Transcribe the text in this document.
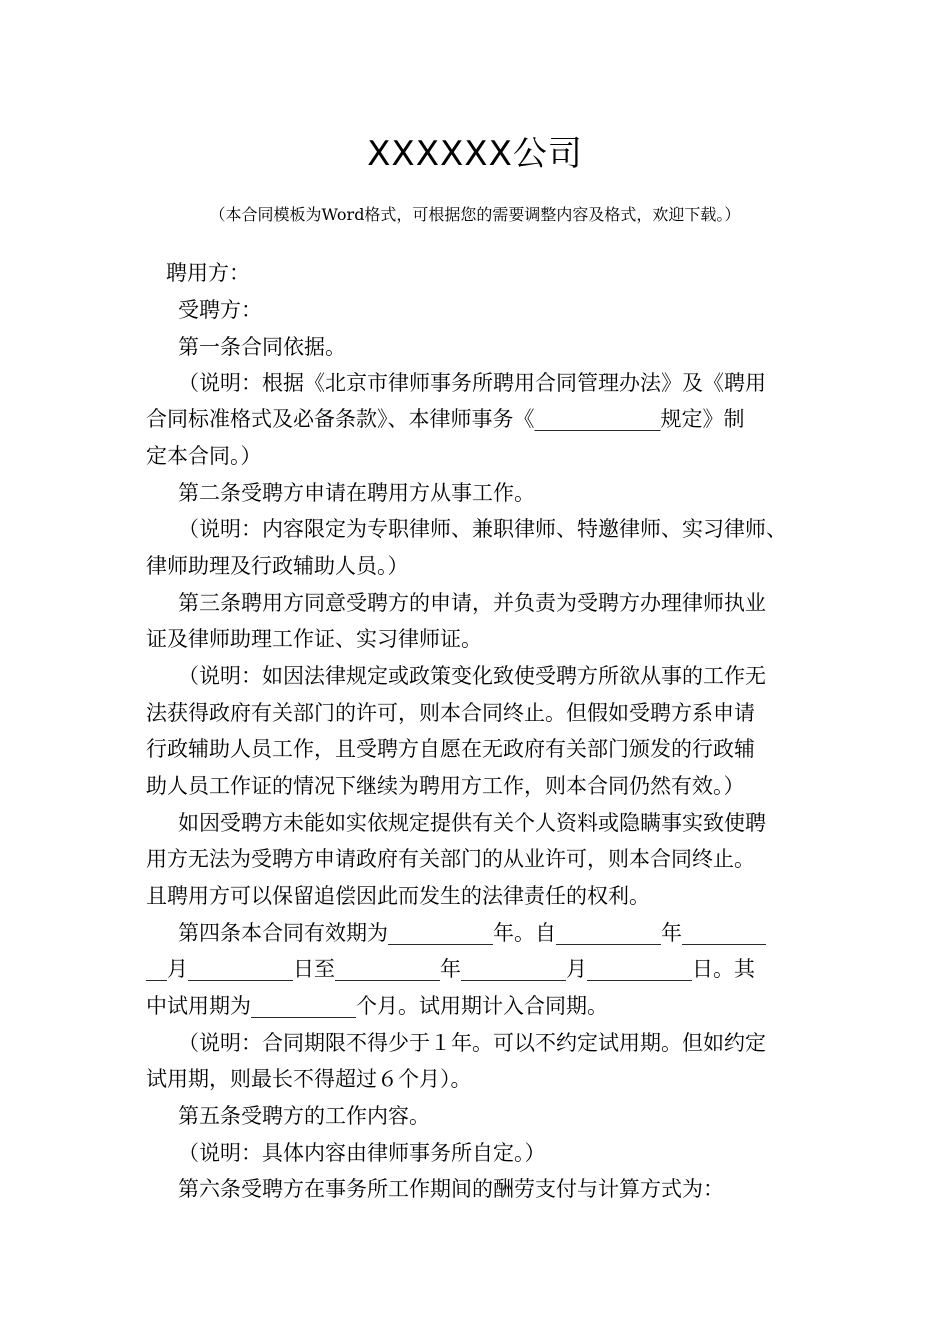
XXXXXX公司
（本合同模板为Word格式，可根据您的需要调整内容及格式，欢迎下载。）
聘用方：
受聘方：
第一条合同依据。
（说明：根据《北京市律师事务所聘用合同管理办法》及《聘用
合同标准格式及必备条款》、本律师事务《____________规定》制
定本合同。）
第二条受聘方申请在聘用方从事工作。
（说明：内容限定为专职律师、兼职律师、特邀律师、实习律师、
律师助理及行政辅助人员。）
第三条聘用方同意受聘方的申请，并负责为受聘方办理律师执业
证及律师助理工作证、实习律师证。
（说明：如因法律规定或政策变化致使受聘方所欲从事的工作无
法获得政府有关部门的许可，则本合同终止。但假如受聘方系申请
行政辅助人员工作，且受聘方自愿在无政府有关部门颁发的行政辅
助人员工作证的情况下继续为聘用方工作，则本合同仍然有效。）
如因受聘方未能如实依规定提供有关个人资料或隐瞒事实致使聘
用方无法为受聘方申请政府有关部门的从业许可，则本合同终止。
且聘用方可以保留追偿因此而发生的法律责任的权利。
第四条本合同有效期为__________年。自__________年________
__月__________日至__________年__________月__________日。其
中试用期为__________个月。试用期计入合同期。
（说明：合同期限不得少于１年。可以不约定试用期。但如约定
试用期，则最长不得超过６个月）。
第五条受聘方的工作内容。
（说明：具体内容由律师事务所自定。）
第六条受聘方在事务所工作期间的酬劳支付与计算方式为：
